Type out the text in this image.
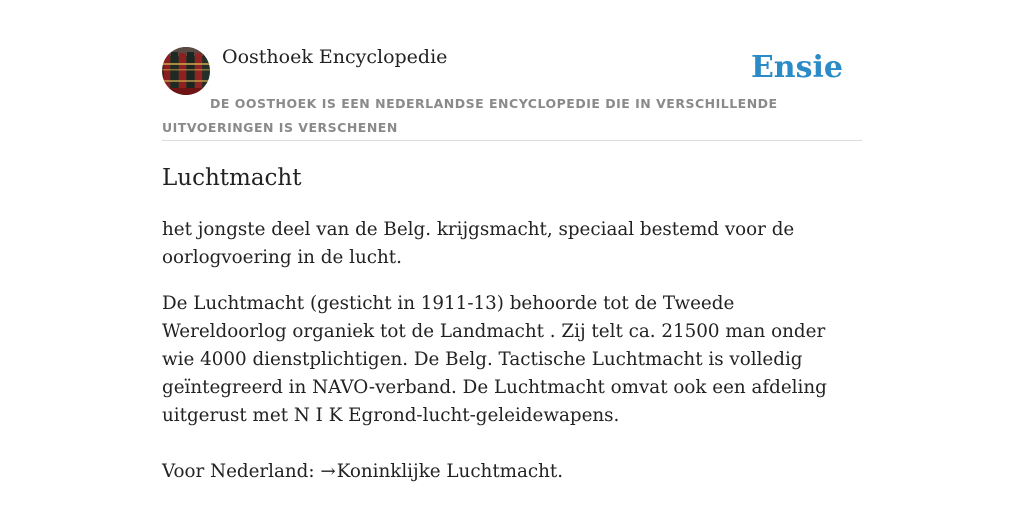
Oosthoek Encyclopedie	Ensie
DE OOSTHOEK IS EEN NEDERLANDSE ENCYCLOPEDIE DIE IN VERSCHILLENDE UITVOERINGEN IS VERSCHENEN
Luchtmacht

het jongste deel van de Belg. krijgsmacht, speciaal bestemd voor de oorlogvoering in de lucht.

De Luchtmacht (gesticht in 1911-13) behoorde tot de Tweede Wereldoorlog organiek tot de Landmacht . Zij telt ca. 21500 man onder wie 4000 dienstplichtigen. De Belg. Tactische Luchtmacht is volledig geïntegreerd in NAVO-verband. De Luchtmacht omvat ook een afdeling uitgerust met N I K Egrond-lucht-geleidewapens.

Voor Nederland: →Koninklijke Luchtmacht.
